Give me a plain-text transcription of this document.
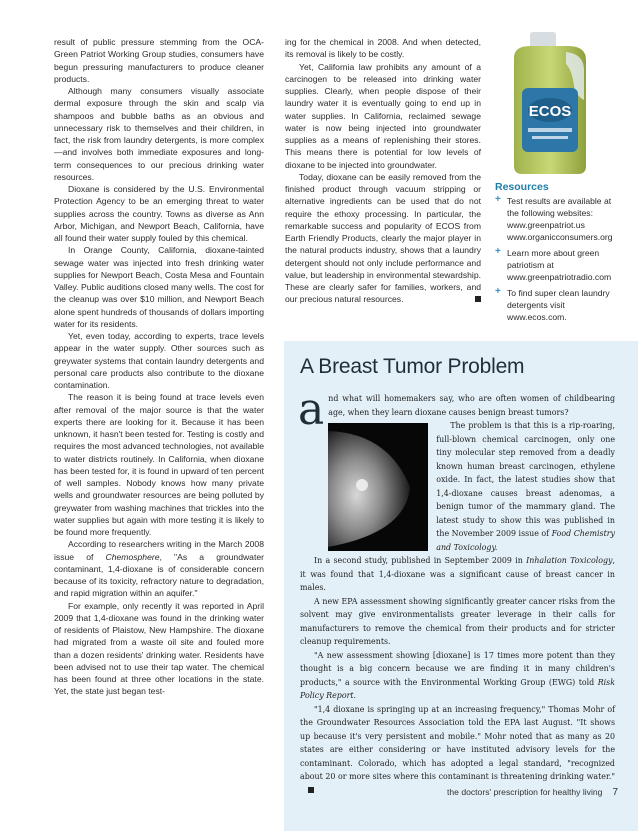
result of public pressure stemming from the OCA-Green Patriot Working Group studies, consumers have begun pressuring manufacturers to produce cleaner products.

Although many consumers visually associate dermal exposure through the skin and scalp via shampoos and bubble baths as an obvious and unnecessary risk to themselves and their children, in fact, the risk from laundry detergents, is more complex—and involves both immediate exposures and long-term consequences to our precious drinking water resources.

Dioxane is considered by the U.S. Environmental Protection Agency to be an emerging threat to water supplies across the country. Towns as diverse as Ann Arbor, Michigan, and Newport Beach, California, have all found their water supply fouled by this chemical.

In Orange County, California, dioxane-tainted sewage water was injected into fresh drinking water supplies for Newport Beach, Costa Mesa and Fountain Valley. Public auditions closed many wells. The cost for the cleanup was over $10 million, and Newport Beach alone spent hundreds of thousands of dollars importing water for its residents.

Yet, even today, according to experts, trace levels appear in the water supply. Other sources such as greywater systems that contain laundry detergents and personal care products also contribute to the dioxane contamination.

The reason it is being found at trace levels even after removal of the major source is that the water experts there are looking for it. Because it has been unknown, it hasn't been tested for. Testing is costly and requires the most advanced technologies, not available to water districts routinely. In California, when dioxane has been tested for, it is found in upward of ten percent of well samples. Nobody knows how many private wells and groundwater resources are being polluted by greywater from washing machines that trickles into the water supplies but again with more testing it is likely to be found more frequently.

According to researchers writing in the March 2008 issue of Chemosphere, "As a groundwater contaminant, 1,4-dioxane is of considerable concern because of its toxicity, refractory nature to degradation, and rapid migration within an aquifer."

For example, only recently it was reported in April 2009 that 1,4-dioxane was found in the drinking water of residents of Plaistow, New Hampshire. The dioxane had migrated from a waste oil site and fouled more than a dozen residents' drinking water. Residents have been advised not to use their tap water. The chemical has been found at three other locations in the state. Yet, the state just began test-

ing for the chemical in 2008. And when detected, its removal is likely to be costly.

Yet, California law prohibits any amount of a carcinogen to be released into drinking water supplies. Clearly, when people dispose of their laundry water it is eventually going to end up in water supplies. In California, reclaimed sewage water is now being injected into groundwater supplies as a means of replenishing their stores. This means there is potential for low levels of dioxane to be injected into groundwater.

Today, dioxane can be easily removed from the finished product through vacuum stripping or alternative ingredients can be used that do not require the ethoxy processing. In particular, the remarkable success and popularity of ECOS from Earth Friendly Products, clearly the major player in the natural products industry, shows that a laundry detergent should not only include performance and value, but leadership in environmental stewardship. These are clearly safer for families, workers, and our precious natural resources.

ECOS
Resources
+ Test results are available at the following websites:
www.greenpatriot.us
www.organicconsumers.org
+ Learn more about green patriotism at
www.greenpatriotradio.com
+ To find super clean laundry detergents visit
www.ecos.com.
A Breast Tumor Problem

and what will homemakers say, who are often women of childbearing age, when they learn dioxane causes benign breast tumors?

The problem is that this is a rip-roaring, full-blown chemical carcinogen, only one tiny molecular step removed from a deadly known human breast carcinogen, ethylene oxide. In fact, the latest studies show that 1,4-dioxane causes breast adenomas, a benign tumor of the mammary gland. The latest study to show this was published in the November 2009 issue of Food Chemistry and Toxicology.

In a second study, published in September 2009 in Inhalation Toxicology, it was found that 1,4-dioxane was a significant cause of breast cancer in males.

A new EPA assessment showing significantly greater cancer risks from the solvent may give environmentalists greater leverage in their calls for manufacturers to remove the chemical from their products and for stricter cleanup requirements.

"A new assessment showing [dioxane] is 17 times more potent than they thought is a big concern because we are finding it in many children's products," a source with the Environmental Working Group (EWG) told Risk Policy Report.

"1,4 dioxane is springing up at an increasing frequency," Thomas Mohr of the Groundwater Resources Association told the EPA last August. "It shows up because it's very persistent and mobile." Mohr noted that as many as 20 states are either considering or have instituted advisory levels for the contaminant. Colorado, which has adopted a legal standard, "recognized about 20 or more sites where this contaminant is threatening drinking water."

the doctors' prescription for healthy living 7
